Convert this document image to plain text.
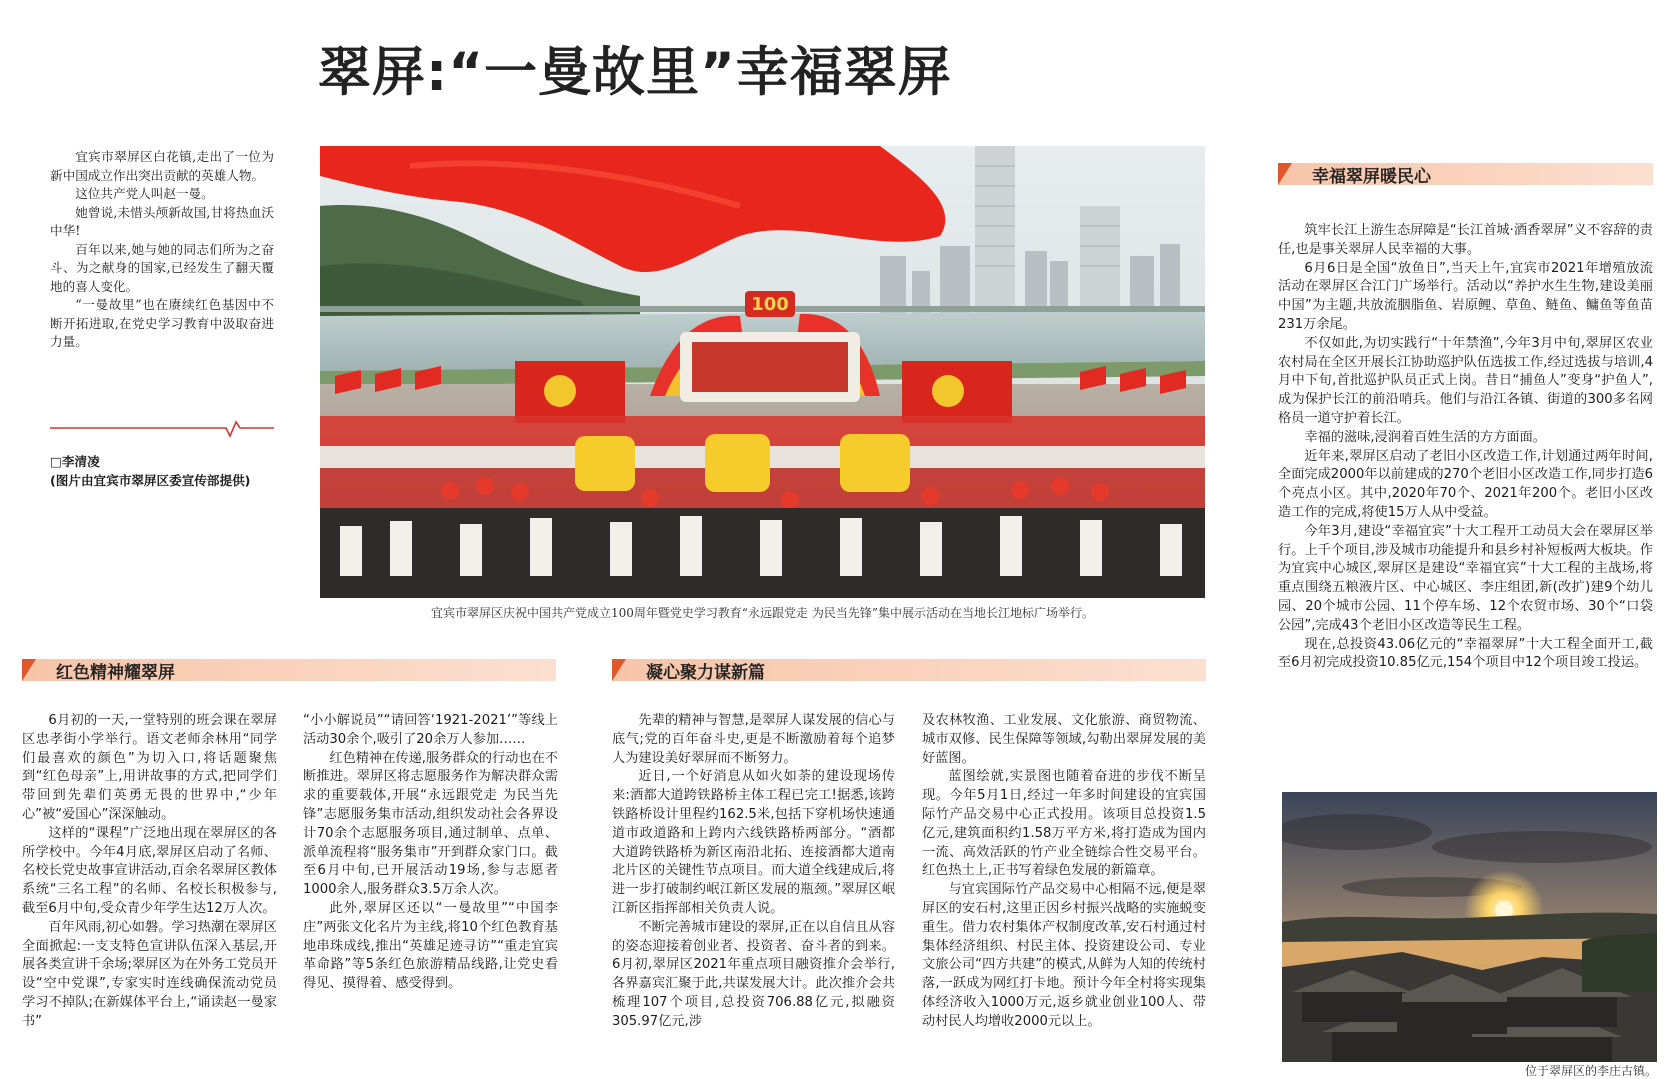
翠屏:“一曼故里”幸福翠屏

宜宾市翠屏区白花镇,走出了一位为新中国成立作出突出贡献的英雄人物。

这位共产党人叫赵一曼。

她曾说,未惜头颅新故国,甘将热血沃中华!

百年以来,她与她的同志们所为之奋斗、为之献身的国家,已经发生了翻天覆地的喜人变化。

“一曼故里”也在赓续红色基因中不断开拓进取,在党史学习教育中汲取奋进力量。

□李清凌
(图片由宜宾市翠屏区委宣传部提供)
100
宜宾市翠屏区庆祝中国共产党成立100周年暨党史学习教育“永远跟党走 为民当先锋”集中展示活动在当地长江地标广场举行。
红色精神耀翠屏

6月初的一天,一堂特别的班会课在翠屏区忠孝街小学举行。语文老师余林用“同学们最喜欢的颜色”为切入口,将话题聚焦到“红色母亲”上,用讲故事的方式,把同学们带回到先辈们英勇无畏的世界中,“少年心”被“爱国心”深深触动。

这样的“课程”广泛地出现在翠屏区的各所学校中。今年4月底,翠屏区启动了名师、名校长党史故事宣讲活动,百余名翠屏区教体系统“三名工程”的名师、名校长积极参与,截至6月中旬,受众青少年学生达12万人次。

百年风雨,初心如磐。学习热潮在翠屏区全面掀起:一支支特色宣讲队伍深入基层,开展各类宣讲千余场;翠屏区为在外务工党员开设“空中党课”,专家实时连线确保流动党员学习不掉队;在新媒体平台上,“诵读赵一曼家书”

“小小解说员”“请回答‘1921-2021’”等线上活动30余个,吸引了20余万人参加……

红色精神在传递,服务群众的行动也在不断推进。翠屏区将志愿服务作为解决群众需求的重要载体,开展“永远跟党走 为民当先锋”志愿服务集市活动,组织发动社会各界设计70余个志愿服务项目,通过制单、点单、派单流程将“服务集市”开到群众家门口。截至6月中旬,已开展活动19场,参与志愿者1000余人,服务群众3.5万余人次。

此外,翠屏区还以“一曼故里”“中国李庄”两张文化名片为主线,将10个红色教育基地串珠成线,推出“英雄足迹寻访”“重走宜宾革命路”等5条红色旅游精品线路,让党史看得见、摸得着、感受得到。

凝心聚力谋新篇

先辈的精神与智慧,是翠屏人谋发展的信心与底气;党的百年奋斗史,更是不断激励着每个追梦人为建设美好翠屏而不断努力。

近日,一个好消息从如火如荼的建设现场传来:酒都大道跨铁路桥主体工程已完工!据悉,该跨铁路桥设计里程约162.5米,包括下穿机场快速通道市政道路和上跨内六线铁路桥两部分。“酒都大道跨铁路桥为新区南沿北拓、连接酒都大道南北片区的关键性节点项目。而大道全线建成后,将进一步打破制约岷江新区发展的瓶颈。”翠屏区岷江新区指挥部相关负责人说。

不断完善城市建设的翠屏,正在以自信且从容的姿态迎接着创业者、投资者、奋斗者的到来。6月初,翠屏区2021年重点项目融资推介会举行,各界嘉宾汇聚于此,共谋发展大计。此次推介会共梳理107个项目,总投资706.88亿元,拟融资305.97亿元,涉

及农林牧渔、工业发展、文化旅游、商贸物流、城市双修、民生保障等领域,勾勒出翠屏发展的美好蓝图。

蓝图绘就,实景图也随着奋进的步伐不断呈现。今年5月1日,经过一年多时间建设的宜宾国际竹产品交易中心正式投用。该项目总投资1.5亿元,建筑面积约1.58万平方米,将打造成为国内一流、高效活跃的竹产业全链综合性交易平台。红色热土上,正书写着绿色发展的新篇章。

与宜宾国际竹产品交易中心相隔不远,便是翠屏区的安石村,这里正因乡村振兴战略的实施蜕变重生。借力农村集体产权制度改革,安石村通过村集体经济组织、村民主体、投资建设公司、专业文旅公司“四方共建”的模式,从鲜为人知的传统村落,一跃成为网红打卡地。预计今年全村将实现集体经济收入1000万元,返乡就业创业100人、带动村民人均增收2000元以上。

幸福翠屏暖民心

筑牢长江上游生态屏障是“长江首城·酒香翠屏”义不容辞的责任,也是事关翠屏人民幸福的大事。

6月6日是全国“放鱼日”,当天上午,宜宾市2021年增殖放流活动在翠屏区合江门广场举行。活动以“养护水生生物,建设美丽中国”为主题,共放流胭脂鱼、岩原鲤、草鱼、鲢鱼、鳙鱼等鱼苗231万余尾。

不仅如此,为切实践行“十年禁渔”,今年3月中旬,翠屏区农业农村局在全区开展长江协助巡护队伍选拔工作,经过选拔与培训,4月中下旬,首批巡护队员正式上岗。昔日“捕鱼人”变身“护鱼人”,成为保护长江的前沿哨兵。他们与沿江各镇、街道的300多名网格员一道守护着长江。

幸福的滋味,浸润着百姓生活的方方面面。

近年来,翠屏区启动了老旧小区改造工作,计划通过两年时间,全面完成2000年以前建成的270个老旧小区改造工作,同步打造6个亮点小区。其中,2020年70个、2021年200个。老旧小区改造工作的完成,将使15万人从中受益。

今年3月,建设“幸福宜宾”十大工程开工动员大会在翠屏区举行。上千个项目,涉及城市功能提升和县乡村补短板两大板块。作为宜宾中心城区,翠屏区是建设“幸福宜宾”十大工程的主战场,将重点围绕五粮液片区、中心城区、李庄组团,新(改扩)建9个幼儿园、20个城市公园、11个停车场、12个农贸市场、30个“口袋公园”,完成43个老旧小区改造等民生工程。

现在,总投资43.06亿元的“幸福翠屏”十大工程全面开工,截至6月初完成投资10.85亿元,154个项目中12个项目竣工投运。

位于翠屏区的李庄古镇。
